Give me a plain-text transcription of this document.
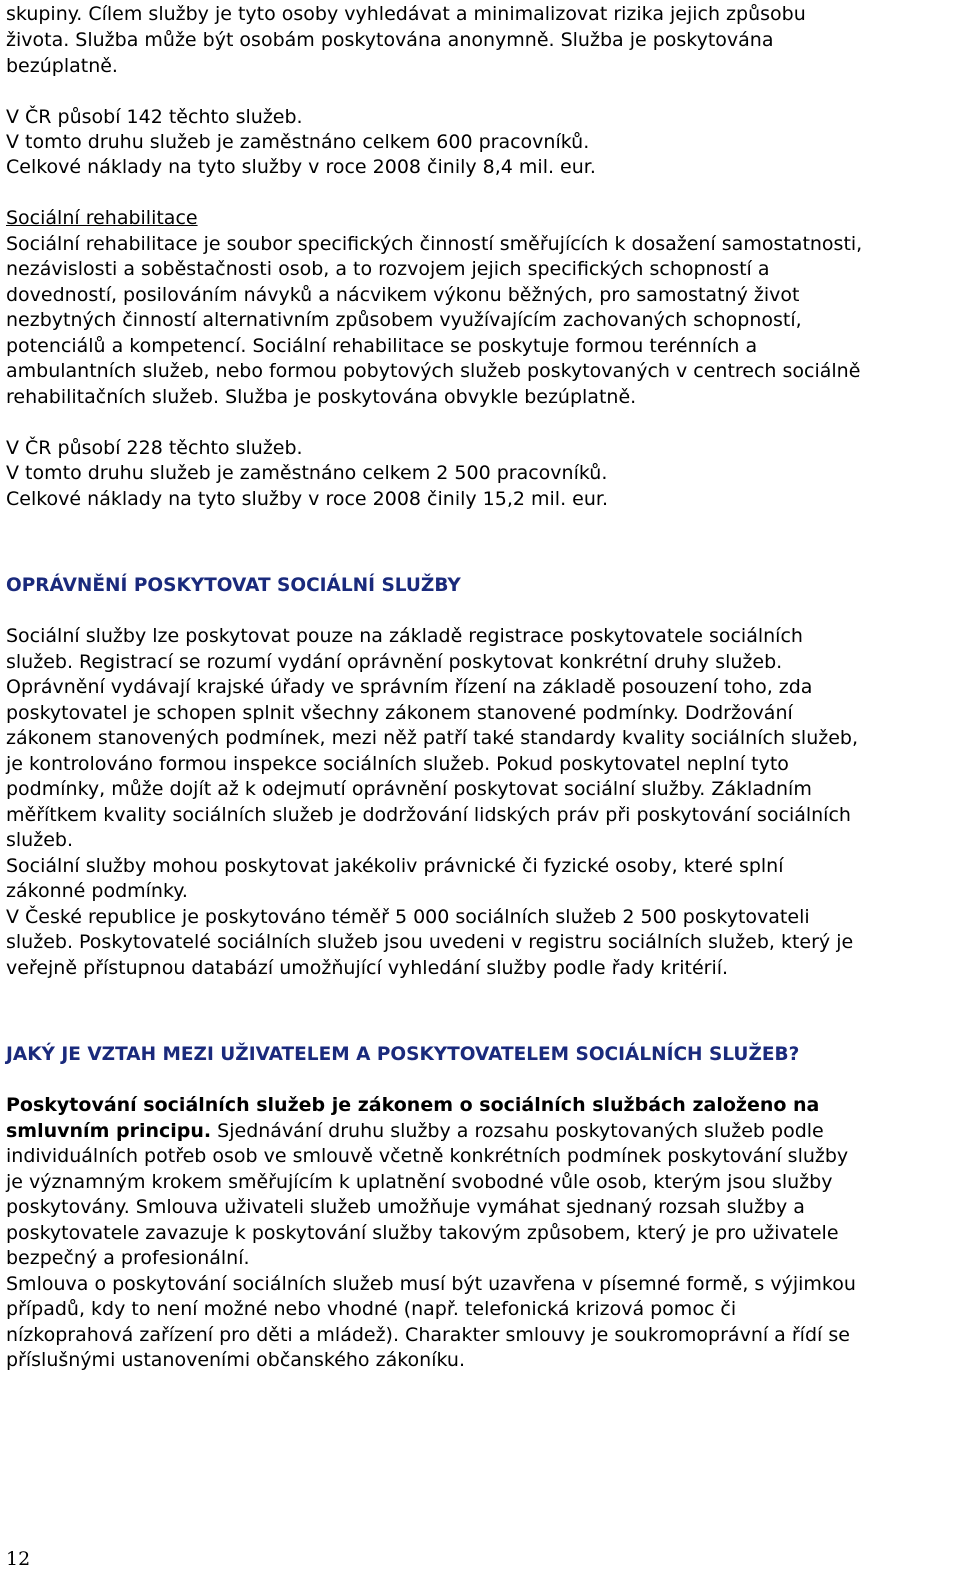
skupiny. Cílem služby je tyto osoby vyhledávat a minimalizovat rizika jejich způsobu
života. Služba může být osobám poskytována anonymně. Služba je poskytována
bezúplatně.
V ČR působí 142 těchto služeb.
V tomto druhu služeb je zaměstnáno celkem 600 pracovníků.
Celkové náklady na tyto služby v roce 2008 činily 8,4 mil. eur.
Sociální rehabilitace
Sociální rehabilitace je soubor specifických činností směřujících k dosažení samostatnosti,
nezávislosti a soběstačnosti osob, a to rozvojem jejich specifických schopností a
dovedností, posilováním návyků a nácvikem výkonu běžných, pro samostatný život
nezbytných činností alternativním způsobem využívajícím zachovaných schopností,
potenciálů a kompetencí. Sociální rehabilitace se poskytuje formou terénních a
ambulantních služeb, nebo formou pobytových služeb poskytovaných v centrech sociálně
rehabilitačních služeb. Služba je poskytována obvykle bezúplatně.
V ČR působí 228 těchto služeb.
V tomto druhu služeb je zaměstnáno celkem 2 500 pracovníků.
Celkové náklady na tyto služby v roce 2008 činily 15,2 mil. eur.
OPRÁVNĚNÍ POSKYTOVAT SOCIÁLNÍ SLUŽBY
Sociální služby lze poskytovat pouze na základě registrace poskytovatele sociálních
služeb. Registrací se rozumí vydání oprávnění poskytovat konkrétní druhy služeb.
Oprávnění vydávají krajské úřady ve správním řízení na základě posouzení toho, zda
poskytovatel je schopen splnit všechny zákonem stanovené podmínky. Dodržování
zákonem stanovených podmínek, mezi něž patří také standardy kvality sociálních služeb,
je kontrolováno formou inspekce sociálních služeb. Pokud poskytovatel neplní tyto
podmínky, může dojít až k odejmutí oprávnění poskytovat sociální služby. Základním
měřítkem kvality sociálních služeb je dodržování lidských práv při poskytování sociálních
služeb.
Sociální služby mohou poskytovat jakékoliv právnické či fyzické osoby, které splní
zákonné podmínky.
V České republice je poskytováno téměř 5 000 sociálních služeb 2 500 poskytovateli
služeb. Poskytovatelé sociálních služeb jsou uvedeni v registru sociálních služeb, který je
veřejně přístupnou databází umožňující vyhledání služby podle řady kritérií.
JAKÝ JE VZTAH MEZI UŽIVATELEM A POSKYTOVATELEM SOCIÁLNÍCH SLUŽEB?
Poskytování sociálních služeb je zákonem o sociálních službách založeno na
smluvním principu. Sjednávání druhu služby a rozsahu poskytovaných služeb podle
individuálních potřeb osob ve smlouvě včetně konkrétních podmínek poskytování služby
je významným krokem směřujícím k uplatnění svobodné vůle osob, kterým jsou služby
poskytovány. Smlouva uživateli služeb umožňuje vymáhat sjednaný rozsah služby a
poskytovatele zavazuje k poskytování služby takovým způsobem, který je pro uživatele
bezpečný a profesionální.
Smlouva o poskytování sociálních služeb musí být uzavřena v písemné formě, s výjimkou
případů, kdy to není možné nebo vhodné (např. telefonická krizová pomoc či
nízkoprahová zařízení pro děti a mládež). Charakter smlouvy je soukromoprávní a řídí se
příslušnými ustanoveními občanského zákoníku.
12
